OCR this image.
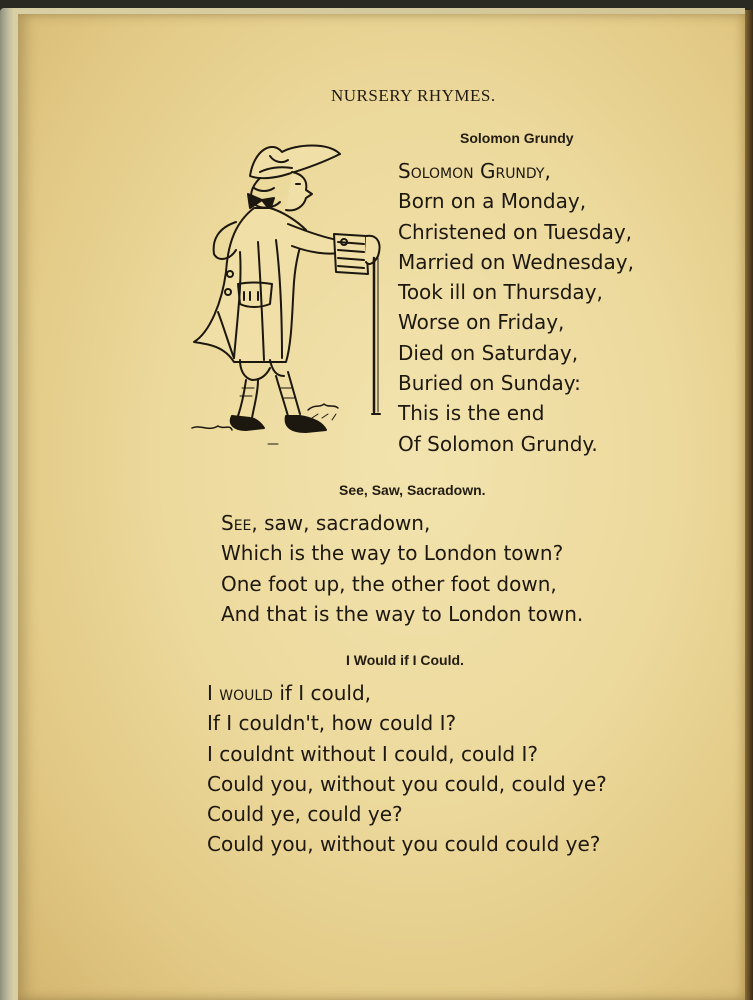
NURSERY RHYMES.
Solomon Grundy
Solomon Grundy,
Born on a Monday,
Christened on Tuesday,
Married on Wednesday,
Took ill on Thursday,
Worse on Friday,
Died on Saturday,
Buried on Sunday:
This is the end
Of Solomon Grundy.
See, Saw, Sacradown.
See, saw, sacradown,
Which is the way to London town?
One foot up, the other foot down,
And that is the way to London town.
I Would if I Could.
I would if I could,
If I couldn't, how could I?
I couldnt without I could, could I?
Could you, without you could, could ye?
Could ye, could ye?
Could you, without you could could ye?
